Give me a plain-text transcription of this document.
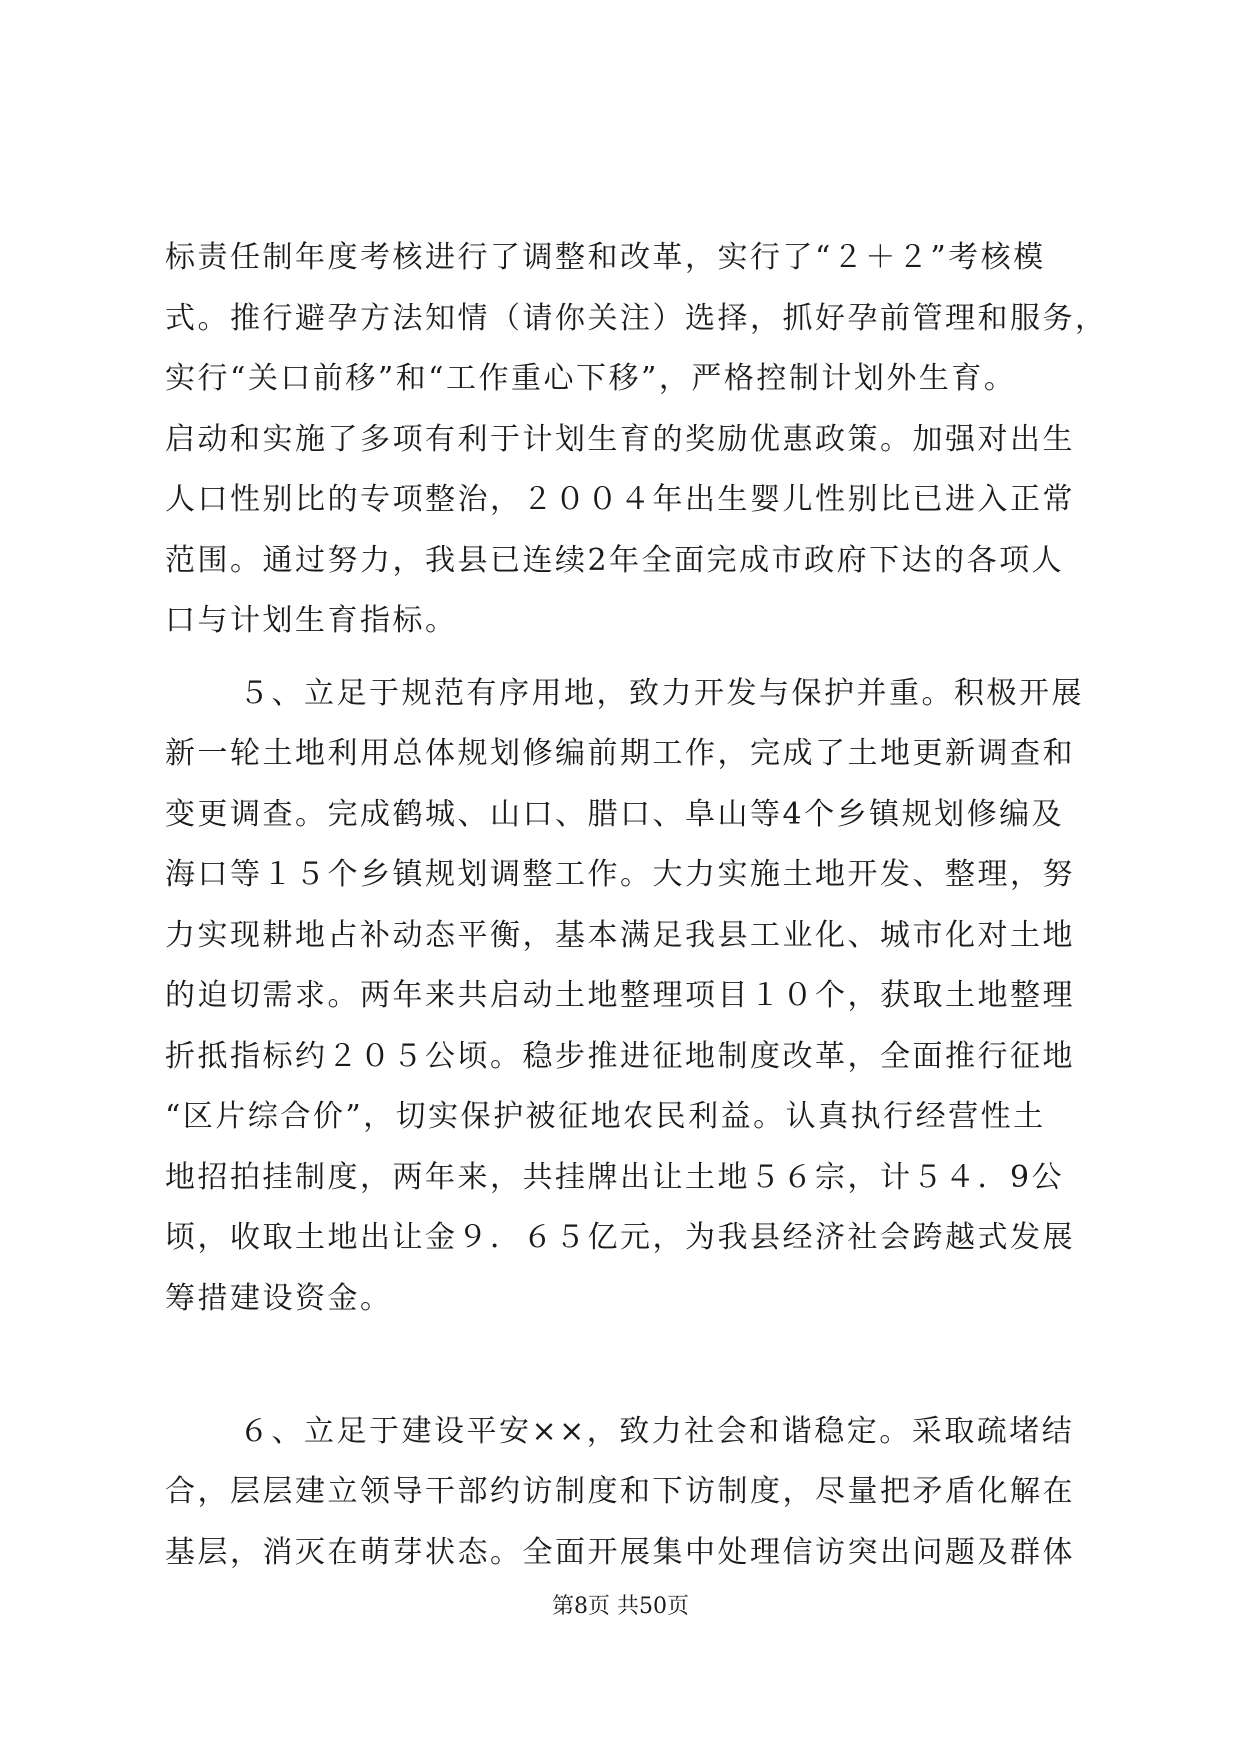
标责任制年度考核进行了调整和改革，实行了“２＋２”考核模
式。推行避孕方法知情（请你关注）选择，抓好孕前管理和服务，
实行“关口前移”和“工作重心下移”，严格控制计划外生育。
启动和实施了多项有利于计划生育的奖励优惠政策。加强对出生
人口性别比的专项整治，２００４年出生婴儿性别比已进入正常
范围。通过努力，我县已连续2年全面完成市政府下达的各项人
口与计划生育指标。
５、立足于规范有序用地，致力开发与保护并重。积极开展
新一轮土地利用总体规划修编前期工作，完成了土地更新调查和
变更调查。完成鹤城、山口、腊口、阜山等4个乡镇规划修编及
海口等１５个乡镇规划调整工作。大力实施土地开发、整理，努
力实现耕地占补动态平衡，基本满足我县工业化、城市化对土地
的迫切需求。两年来共启动土地整理项目１０个，获取土地整理
折抵指标约２０５公顷。稳步推进征地制度改革，全面推行征地
“区片综合价”，切实保护被征地农民利益。认真执行经营性土
地招拍挂制度，两年来，共挂牌出让土地５６宗，计５４．9公
顷，收取土地出让金９．６５亿元，为我县经济社会跨越式发展
筹措建设资金。
６、立足于建设平安××，致力社会和谐稳定。采取疏堵结
合，层层建立领导干部约访制度和下访制度，尽量把矛盾化解在
基层，消灭在萌芽状态。全面开展集中处理信访突出问题及群体
第8页 共50页
